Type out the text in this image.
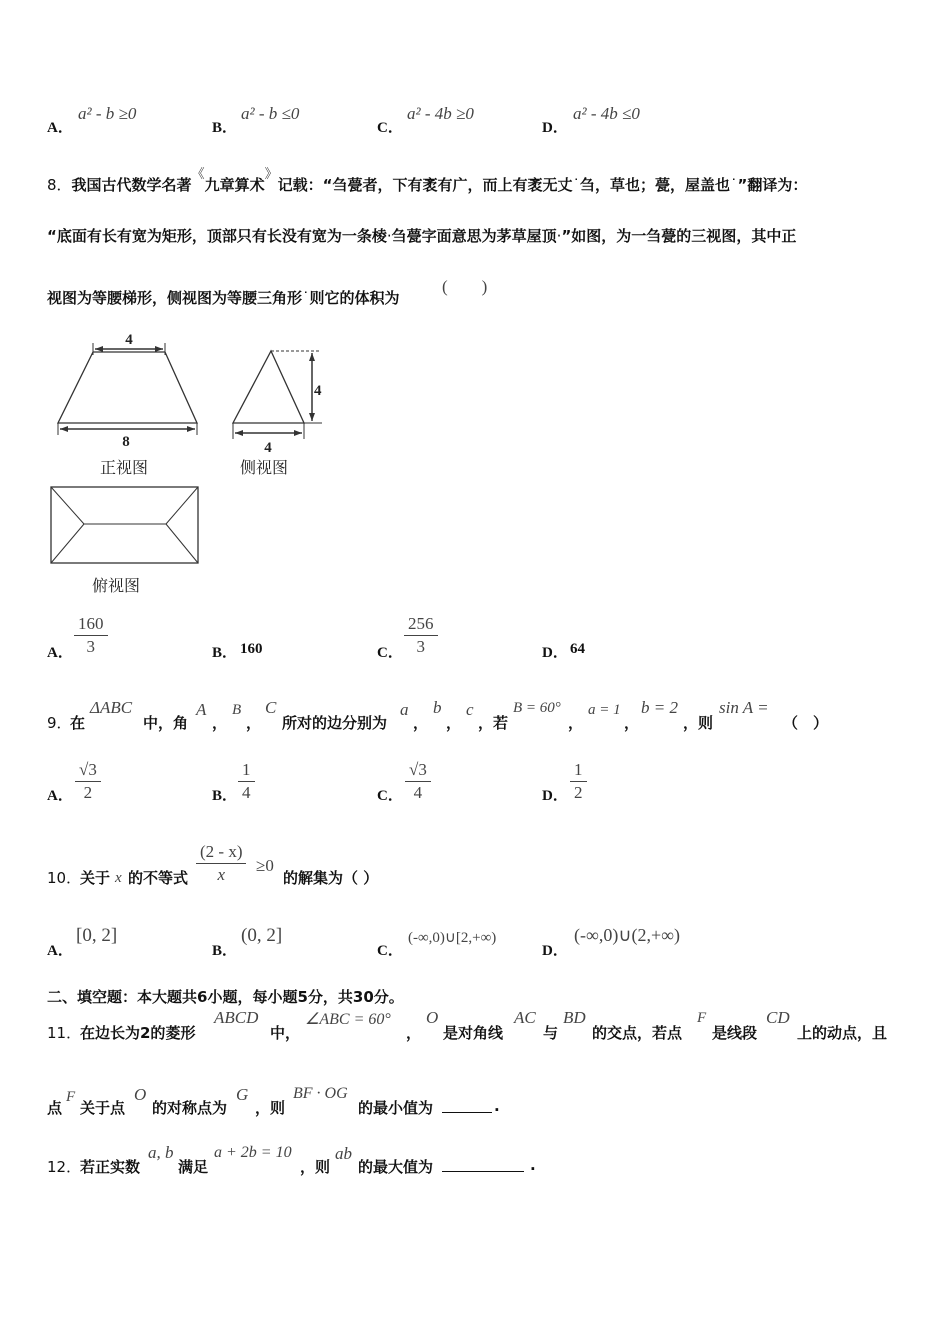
A．
a² - b ≥0
B．
a² - b ≤0
C．
a² - 4b ≥0
D．
a² - 4b ≤0
8．我国古代数学名著《九章算术》记载：“刍甍者，下有袤有广，而上有袤无丈˙刍，草也；甍，屋盖也˙”翻译为：
“底面有长有宽为矩形，顶部只有长没有宽为一条棱·刍甍字面意思为茅草屋顶·”如图，为一刍甍的三视图，其中正
视图为等腰梯形，侧视图为等腰三角形˙则它的体积为
(　　)
4
8
4
4
正视图	侧视图
俯视图
A．
160
3	B． 160	C．
256
3	D． 64
9．
在
ΔABC
中，角
A
，
B
，
C
所对的边分别为
a
，
b
，
c
，若
B = 60°
，
a = 1
，
b = 2
，则
sin A =
（　）
A．
√3
2	B．
1
4	C．
√3
4	D．
1
2
10．
关于 x 的不等式
(2 - x)
x	≥0
的解集为（ ）
A．
[0, 2]
B．
(0, 2]
C．
(-∞,0)∪[2,+∞)
D．
(-∞,0)∪(2,+∞)
二、填空题：本大题共6小题，每小题5分，共30分。
11．
在边长为2的菱形
ABCD
中，
∠ABC = 60°
，
O
是对角线
AC
与
BD
的交点，若点
F
是线段
CD
上的动点，且
点
F
关于点
O
的对称点为
G
，则
BF · OG
的最小值为	.
12．
若正实数
a, b
满足
a + 2b = 10
，则
ab
的最大值为	.
